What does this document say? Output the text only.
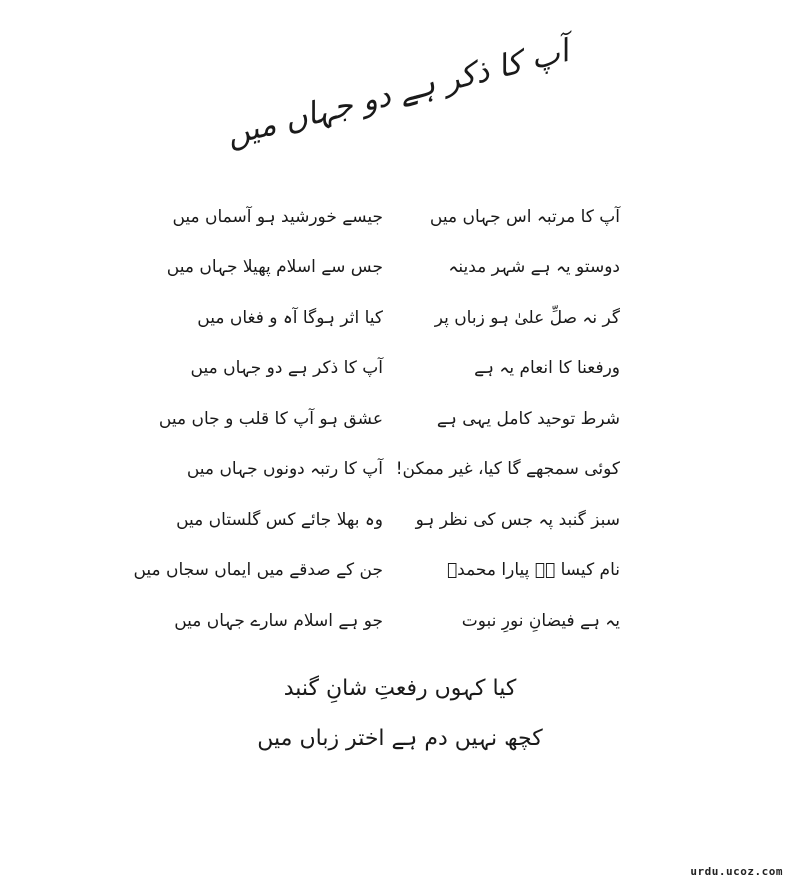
آپ کا ذکر ہے دو جہاں میں
آپ کا مرتبہ اس جہاں میں
جیسے خورشید ہو آسماں میں
دوستو یہ ہے شہر مدینہ
جس سے اسلام پھیلا جہاں میں
گر نہ صلِّ علیٰ ہو زباں پر
کیا اثر ہوگا آہ و فغاں میں
ورفعنا کا انعام یہ ہے
آپ کا ذکر ہے دو جہاں میں
شرط توحید کامل یہی ہے
عشق ہو آپ کا قلب و جاں میں
کوئی سمجھے گا کیا، غیر ممکن!
آپ کا رتبہ دونوں جہاں میں
سبز گنبد پہ جس کی نظر ہو
وہ بھلا جائے کس گلستاں میں
نام کیسا ہے پیارا محمدؐ
جن کے صدقے میں ایماں سجاں میں
یہ ہے فیضانِ نورِ نبوت
جو ہے اسلام سارے جہاں میں
کیا کہوں رفعتِ شانِ گنبد
کچھ نہیں دم ہے اختر زباں میں
urdu.ucoz.com
